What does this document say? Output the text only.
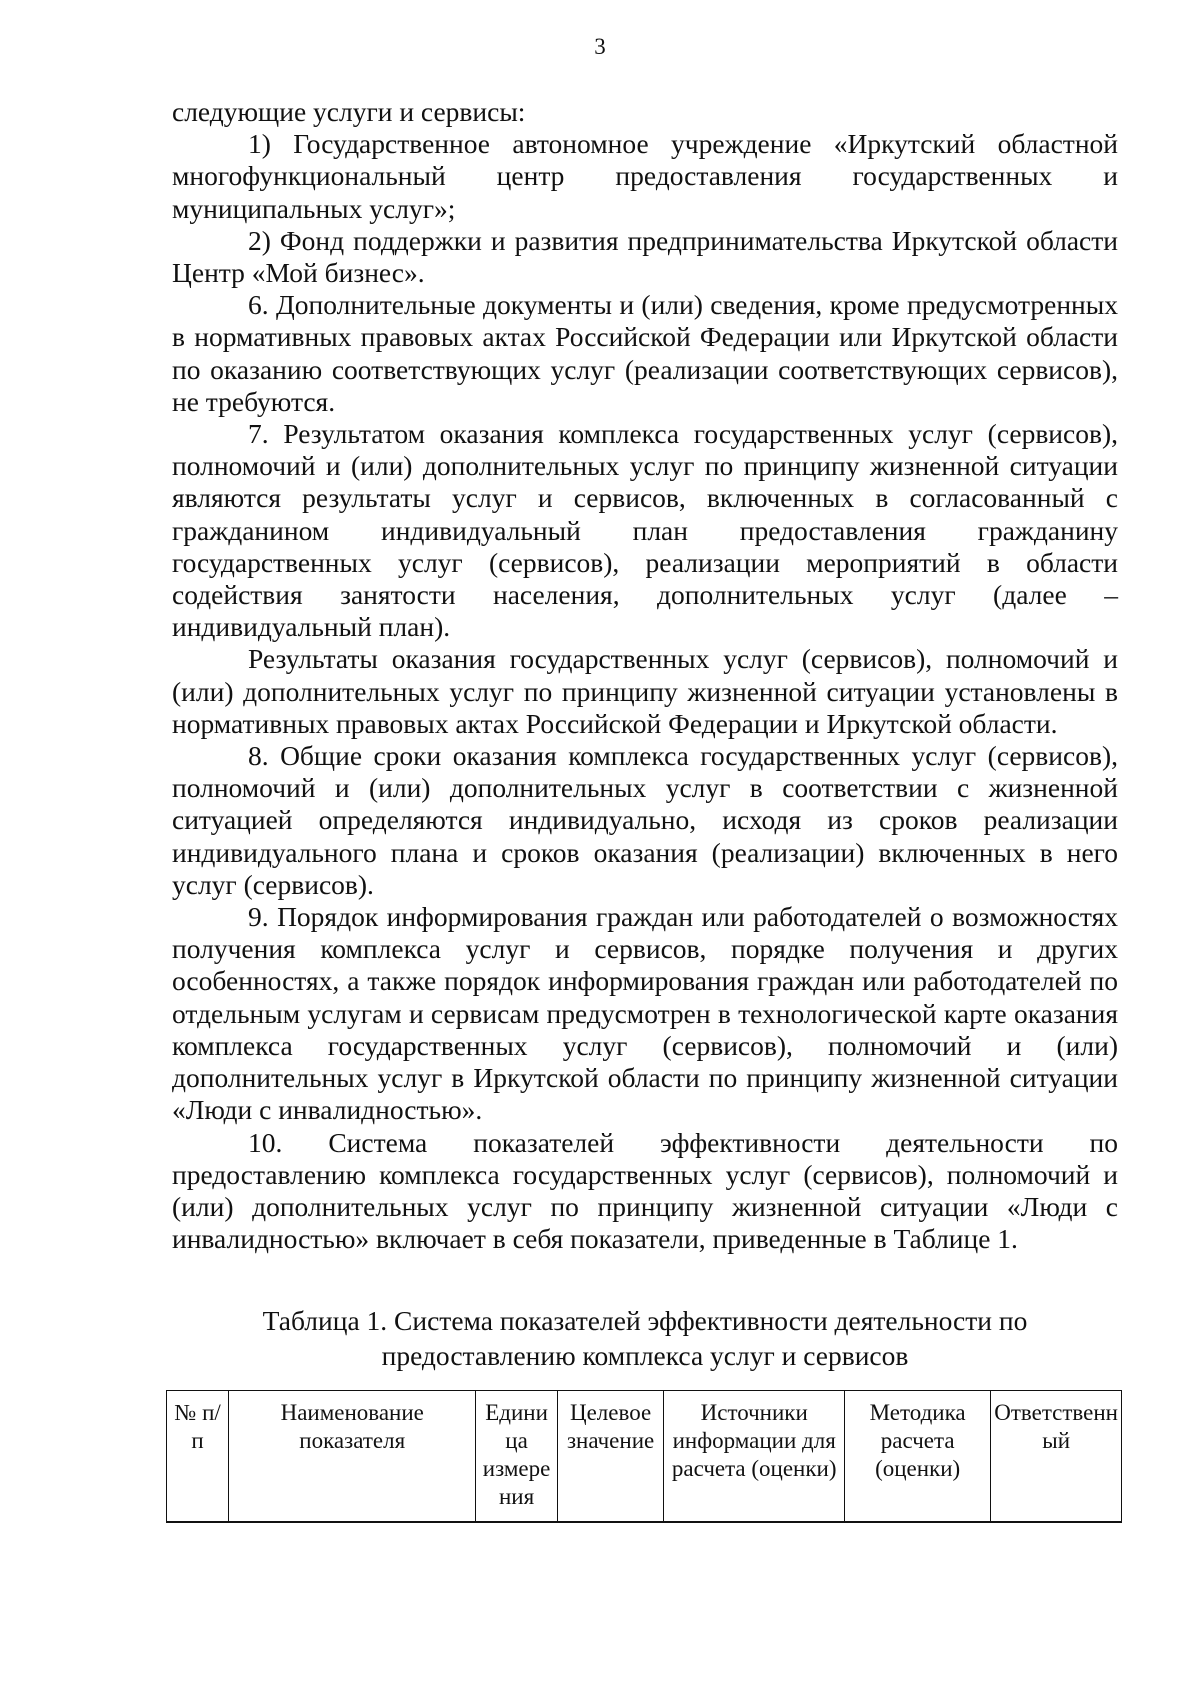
3

следующие услуги и сервисы:

1) Государственное автономное учреждение «Иркутский областной многофункциональный центр предоставления государственных и муниципальных услуг»;

2) Фонд поддержки и развития предпринимательства Иркутской области Центр «Мой бизнес».

6. Дополнительные документы и (или) сведения, кроме предусмотренных в нормативных правовых актах Российской Федерации или Иркутской области по оказанию соответствующих услуг (реализации соответствующих сервисов), не требуются.

7. Результатом оказания комплекса государственных услуг (сервисов), полномочий и (или) дополнительных услуг по принципу жизненной ситуации являются результаты услуг и сервисов, включенных в согласованный с гражданином индивидуальный план предоставления гражданину государственных услуг (сервисов), реализации мероприятий в области содействия занятости населения, дополнительных услуг (далее – индивидуальный план).

Результаты оказания государственных услуг (сервисов), полномочий и (или) дополнительных услуг по принципу жизненной ситуации установлены в нормативных правовых актах Российской Федерации и Иркутской области.

8. Общие сроки оказания комплекса государственных услуг (сервисов), полномочий и (или) дополнительных услуг в соответствии с жизненной ситуацией определяются индивидуально, исходя из сроков реализации индивидуального плана и сроков оказания (реализации) включенных в него услуг (сервисов).

9. Порядок информирования граждан или работодателей о возможностях получения комплекса услуг и сервисов, порядке получения и других особенностях, а также порядок информирования граждан или работодателей по отдельным услугам и сервисам предусмотрен в технологической карте оказания комплекса государственных услуг (сервисов), полномочий и (или) дополнительных услуг в Иркутской области по принципу жизненной ситуации «Люди с инвалидностью».

10. Система показателей эффективности деятельности по предоставлению комплекса государственных услуг (сервисов), полномочий и (или) дополнительных услуг по принципу жизненной ситуации «Люди с инвалидностью» включает в себя показатели, приведенные в Таблице 1.

Таблица 1. Система показателей эффективности деятельности по
предоставлению комплекса услуг и сервисов
№ п/п	Наименование показателя	Едини ца измере ния	Целевое значение	Источники информации для расчета (оценки)	Методика расчета (оценки)	Ответственн ый
